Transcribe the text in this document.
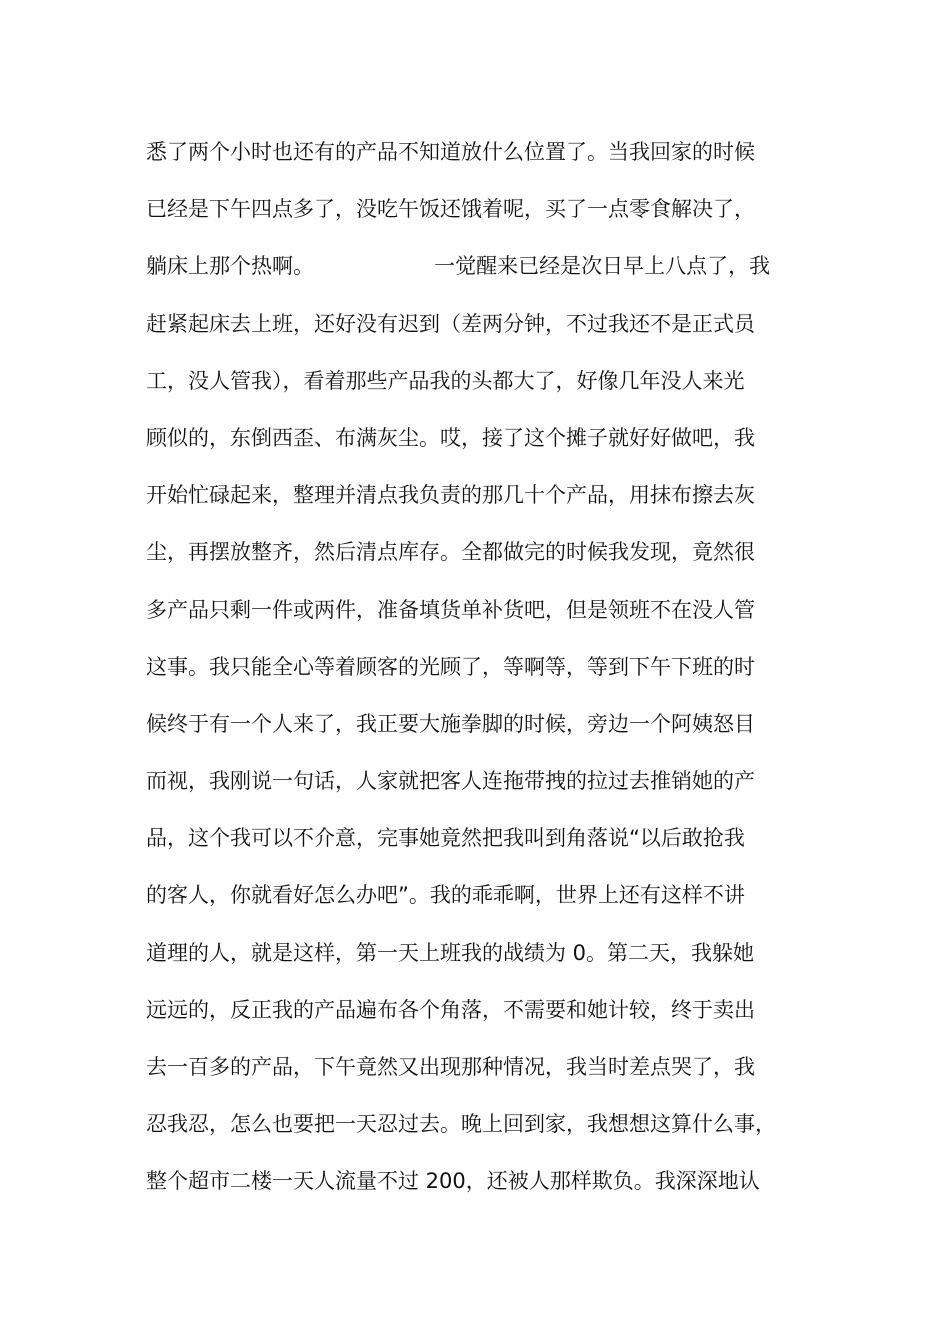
悉了两个小时也还有的产品不知道放什么位置了。当我回家的时候
已经是下午四点多了，没吃午饭还饿着呢，买了一点零食解决了，
躺床上那个热啊。                  一觉醒来已经是次日早上八点了，我
赶紧起床去上班，还好没有迟到（差两分钟，不过我还不是正式员
工，没人管我），看着那些产品我的头都大了，好像几年没人来光
顾似的，东倒西歪、布满灰尘。哎，接了这个摊子就好好做吧，我
开始忙碌起来，整理并清点我负责的那几十个产品，用抹布擦去灰
尘，再摆放整齐，然后清点库存。全都做完的时候我发现，竟然很
多产品只剩一件或两件，准备填货单补货吧，但是领班不在没人管
这事。我只能全心等着顾客的光顾了，等啊等，等到下午下班的时
候终于有一个人来了，我正要大施拳脚的时候，旁边一个阿姨怒目
而视，我刚说一句话，人家就把客人连拖带拽的拉过去推销她的产
品，这个我可以不介意，完事她竟然把我叫到角落说“以后敢抢我
的客人，你就看好怎么办吧”。我的乖乖啊，世界上还有这样不讲
道理的人，就是这样，第一天上班我的战绩为 0。第二天，我躲她
远远的，反正我的产品遍布各个角落，不需要和她计较，终于卖出
去一百多的产品，下午竟然又出现那种情况，我当时差点哭了，我
忍我忍，怎么也要把一天忍过去。晚上回到家，我想想这算什么事，
整个超市二楼一天人流量不过 200，还被人那样欺负。我深深地认
